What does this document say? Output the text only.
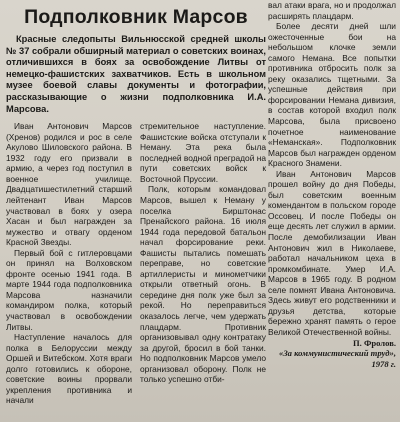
Подполковник Марсов

Красные следопыты Вильнюсской средней школы № 37 собрали обширный материал о советских воинах, отличившихся в боях за освобождение Литвы от немецко-фашистских захватчиков. Есть в школьном музее боевой славы документы и фотографии, рассказывающие о жизни подполковника И.А. Марсова.

Иван Антонович Марсов (Хренов) родился и рос в селе Акулово Шиловского района. В 1932 году его призвали в армию, а через год поступил в военное училище. Двадцатишестилетний старший лейтенант Иван Марсов участвовал в боях у озера Хасан и был награжден за мужество и отвагу орденом Красной Звезды.

Первый бой с гитлеровцами он принял на Волховском фронте осенью 1941 года. В марте 1944 года подполковника Марсова назначили командиром полка, который участвовал в освобождении Литвы.

Наступление началось для полка в Белоруссии между Оршей и Витебском. Хотя враги долго готовились к обороне, советские воины прорвали укрепления противника и начали

стремительное наступление. Фашистские войска отступали к Неману. Эта река была последней водной преградой на пути советских войск к Восточной Пруссии.

Полк, которым командовал Марсов, вышел к Неману у поселка Бирштонас Пренайского района. 16 июля 1944 года передовой батальон начал форсирование реки. Фашисты пытались помешать переправе, но советские артиллеристы и минометчики открыли ответный огонь. В середине дня полк уже был за рекой. Но переправиться оказалось легче, чем удержать плацдарм. Противник организовывал одну контратаку за другой, бросил в бой танки. Но подполковник Марсов умело организовал оборону. Полк не только успешно отби-

вал атаки врага, но и продолжал расширять плацдарм.

Более десяти дней шли ожесточенные бои на небольшом клочке земли самого Немана. Все попытки противника отбросить полк за реку оказались тщетными. За успешные действия при форсировании Немана дивизия, в состав которой входил полк Марсова, была присвоено почетное наименование «Неманская». Подполковник Марсов был награжден орденом Красного Знамени.

Иван Антонович Марсов прошел войну до дня Победы, был советским военным комендантом в польском городе Оссовец. И после Победы он еще десять лет служил в армии. После демобилизации Иван Антонович жил в Николаеве, работал начальником цеха в промкомбинате. Умер И.А. Марсов в 1965 году. В родном селе помнят Ивана Антоновича. Здесь живут его родственники и друзья детства, которые бережно хранят память о герое Великой Отечественной войны.

П. Фролов.

«За коммунистический труд», 1978 г.
